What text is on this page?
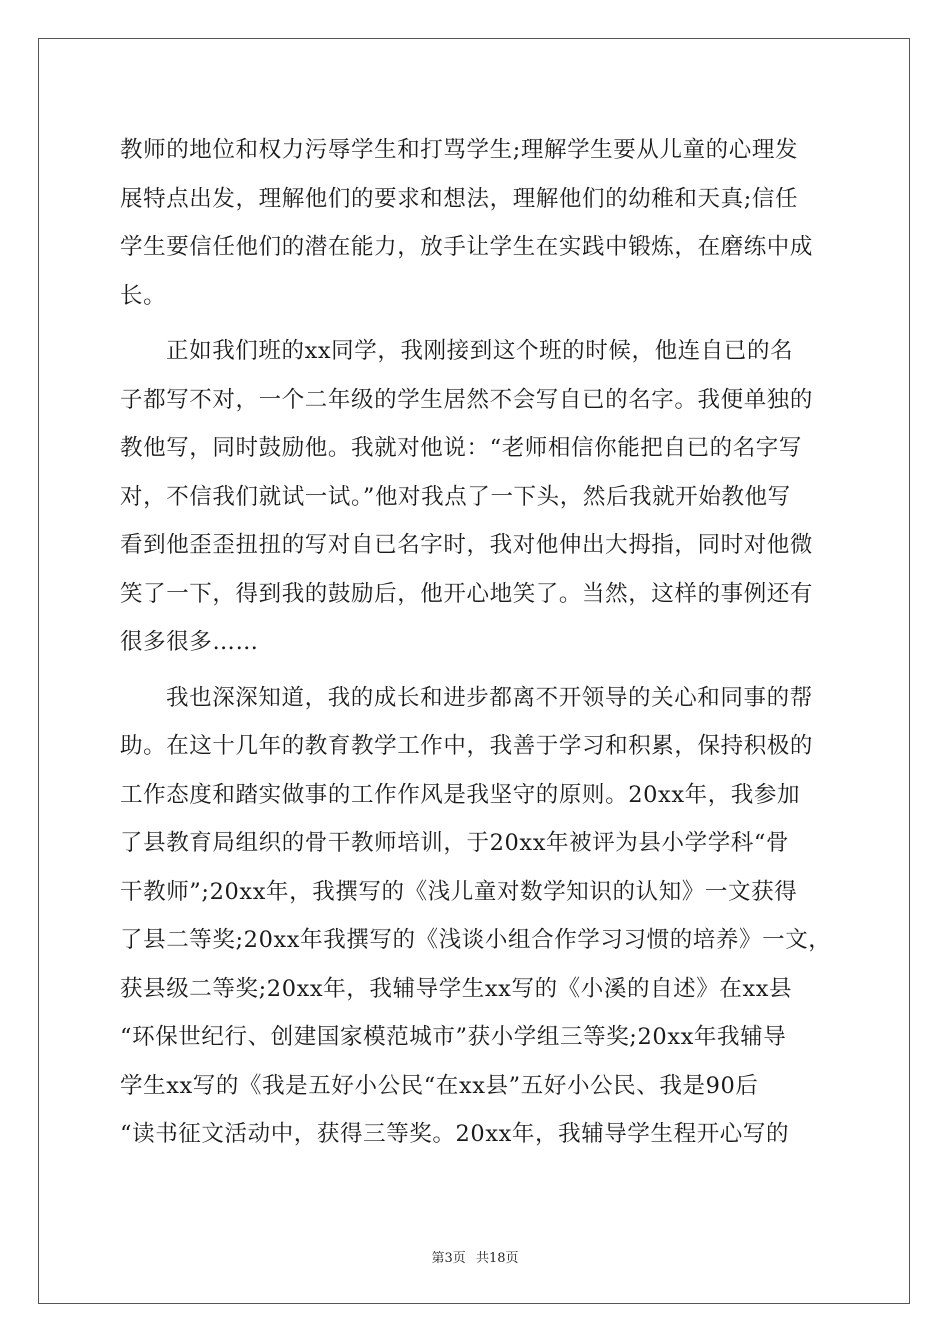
教师的地位和权力污辱学生和打骂学生;理解学生要从儿童的心理发
展特点出发，理解他们的要求和想法，理解他们的幼稚和天真;信任
学生要信任他们的潜在能力，放手让学生在实践中锻炼，在磨练中成
长。
正如我们班的xx同学，我刚接到这个班的时候，他连自已的名
子都写不对，一个二年级的学生居然不会写自已的名字。我便单独的
教他写，同时鼓励他。我就对他说：“老师相信你能把自已的名字写
对，不信我们就试一试。”他对我点了一下头，然后我就开始教他写
看到他歪歪扭扭的写对自已名字时，我对他伸出大拇指，同时对他微
笑了一下，得到我的鼓励后，他开心地笑了。当然，这样的事例还有
很多很多……
我也深深知道，我的成长和进步都离不开领导的关心和同事的帮
助。在这十几年的教育教学工作中，我善于学习和积累，保持积极的
工作态度和踏实做事的工作作风是我坚守的原则。20xx年，我参加
了县教育局组织的骨干教师培训，于20xx年被评为县小学学科“骨
干教师”;20xx年，我撰写的《浅儿童对数学知识的认知》一文获得
了县二等奖;20xx年我撰写的《浅谈小组合作学习习惯的培养》一文，
获县级二等奖;20xx年，我辅导学生xx写的《小溪的自述》在xx县
“环保世纪行、创建国家模范城市”获小学组三等奖;20xx年我辅导
学生xx写的《我是五好小公民“在xx县”五好小公民、我是90后
“读书征文活动中，获得三等奖。20xx年，我辅导学生程开心写的
第3页 共18页
